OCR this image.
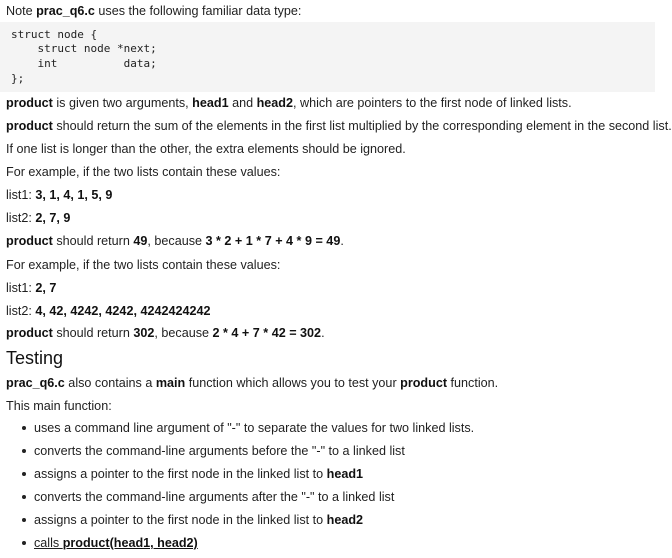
Note prac_q6.c uses the following familiar data type:
struct node {
struct node *next;
int          data;
};
product is given two arguments, head1 and head2, which are pointers to the first node of linked lists.
product should return the sum of the elements in the first list multiplied by the corresponding element in the second list.
If one list is longer than the other, the extra elements should be ignored.
For example, if the two lists contain these values:
list1: 3, 1, 4, 1, 5, 9
list2: 2, 7, 9
product should return 49, because 3 * 2 + 1 * 7 + 4 * 9 = 49.
For example, if the two lists contain these values:
list1: 2, 7
list2: 4, 42, 4242, 4242, 4242424242
product should return 302, because 2 * 4 + 7 * 42 = 302.
Testing
prac_q6.c also contains a main function which allows you to test your product function.
This main function:
uses a command line argument of "-" to separate the values for two linked lists.
converts the command-line arguments before the "-" to a linked list
assigns a pointer to the first node in the linked list to head1
converts the command-line arguments after the "-" to a linked list
assigns a pointer to the first node in the linked list to head2
calls product(head1, head2)
